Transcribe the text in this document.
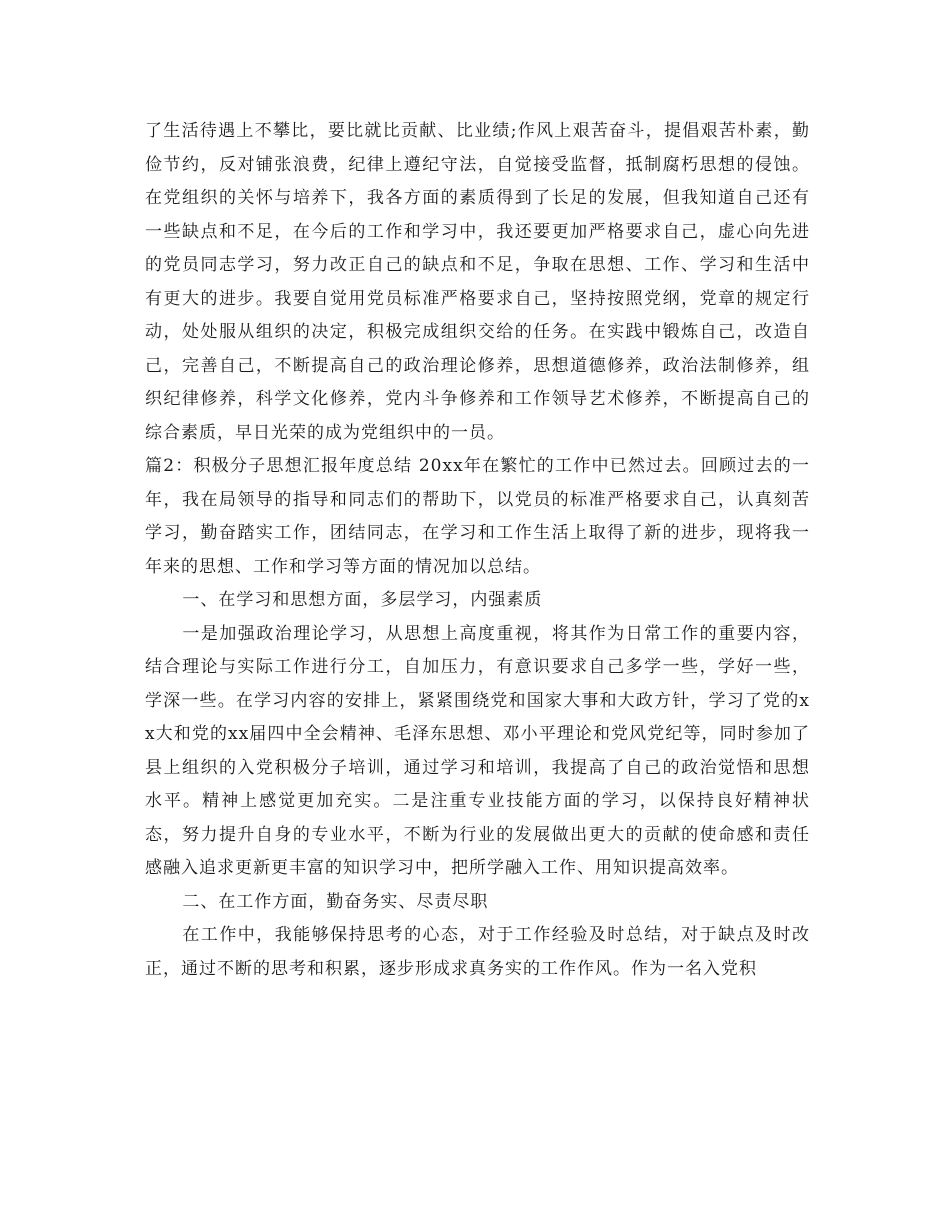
了生活待遇上不攀比，要比就比贡献、比业绩;作风上艰苦奋斗，提倡艰苦朴素，勤俭节约，反对铺张浪费，纪律上遵纪守法，自觉接受监督，抵制腐朽思想的侵蚀。 在党组织的关怀与培养下，我各方面的素质得到了长足的发展，但我知道自己还有一些缺点和不足，在今后的工作和学习中，我还要更加严格要求自己，虚心向先进的党员同志学习，努力改正自己的缺点和不足，争取在思想、工作、学习和生活中有更大的进步。我要自觉用党员标准严格要求自己，坚持按照党纲，党章的规定行动，处处服从组织的决定，积极完成组织交给的任务。在实践中锻炼自己，改造自己，完善自己，不断提高自己的政治理论修养，思想道德修养，政治法制修养，组织纪律修养，科学文化修养，党内斗争修养和工作领导艺术修养，不断提高自己的综合素质，早日光荣的成为党组织中的一员。

篇2：积极分子思想汇报年度总结 20xx年在繁忙的工作中已然过去。回顾过去的一年，我在局领导的指导和同志们的帮助下，以党员的标准严格要求自己，认真刻苦学习，勤奋踏实工作，团结同志，在学习和工作生活上取得了新的进步，现将我一年来的思想、工作和学习等方面的情况加以总结。

一、在学习和思想方面，多层学习，内强素质

一是加强政治理论学习，从思想上高度重视，将其作为日常工作的重要内容，结合理论与实际工作进行分工，自加压力，有意识要求自己多学一些，学好一些，学深一些。在学习内容的安排上，紧紧围绕党和国家大事和大政方针，学习了党的xx大和党的xx届四中全会精神、毛泽东思想、邓小平理论和党风党纪等，同时参加了县上组织的入党积极分子培训，通过学习和培训，我提高了自己的政治觉悟和思想水平。精神上感觉更加充实。二是注重专业技能方面的学习，以保持良好精神状态，努力提升自身的专业水平，不断为行业的发展做出更大的贡献的使命感和责任感融入追求更新更丰富的知识学习中，把所学融入工作、用知识提高效率。

二、在工作方面，勤奋务实、尽责尽职

在工作中，我能够保持思考的心态，对于工作经验及时总结，对于缺点及时改正，通过不断的思考和积累，逐步形成求真务实的工作作风。作为一名入党积
